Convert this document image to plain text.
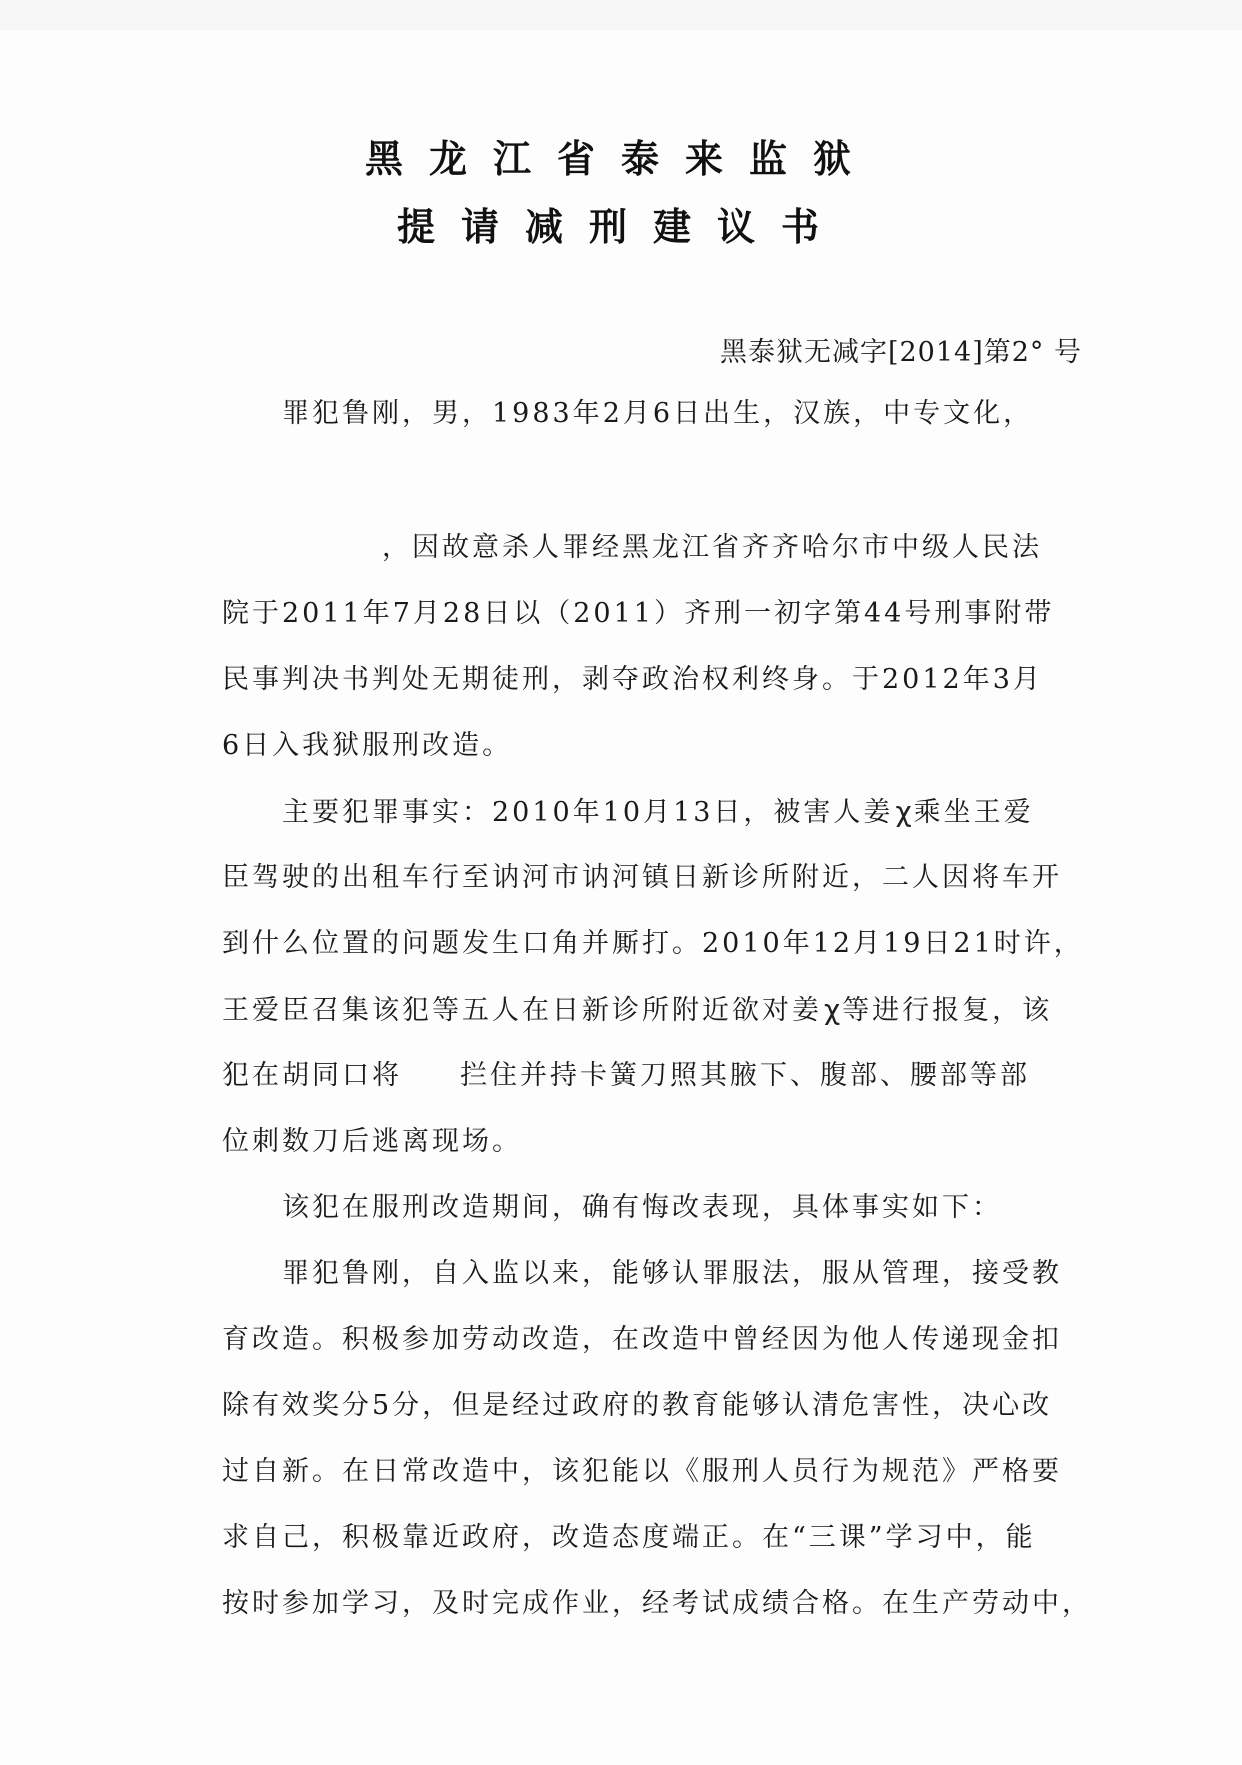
黑龙江省泰来监狱
提请减刑建议书
黑泰狱无减字[2014]第2° 号
罪犯鲁刚，男，1983年2月6日出生，汉族，中专文化，
，因故意杀人罪经黑龙江省齐齐哈尔市中级人民法
院于2011年7月28日以（2011）齐刑一初字第44号刑事附带
民事判决书判处无期徒刑，剥夺政治权利终身。于2012年3月
6日入我狱服刑改造。
主要犯罪事实：2010年10月13日，被害人姜χ乘坐王爱
臣驾驶的出租车行至讷河市讷河镇日新诊所附近，二人因将车开
到什么位置的问题发生口角并厮打。2010年12月19日21时许，
王爱臣召集该犯等五人在日新诊所附近欲对姜χ等进行报复，该
犯在胡同口将 拦住并持卡簧刀照其腋下、腹部、腰部等部
位刺数刀后逃离现场。
该犯在服刑改造期间，确有悔改表现，具体事实如下：
罪犯鲁刚，自入监以来，能够认罪服法，服从管理，接受教
育改造。积极参加劳动改造，在改造中曾经因为他人传递现金扣
除有效奖分5分，但是经过政府的教育能够认清危害性，决心改
过自新。在日常改造中，该犯能以《服刑人员行为规范》严格要
求自己，积极靠近政府，改造态度端正。在“三课”学习中，能
按时参加学习，及时完成作业，经考试成绩合格。在生产劳动中，
